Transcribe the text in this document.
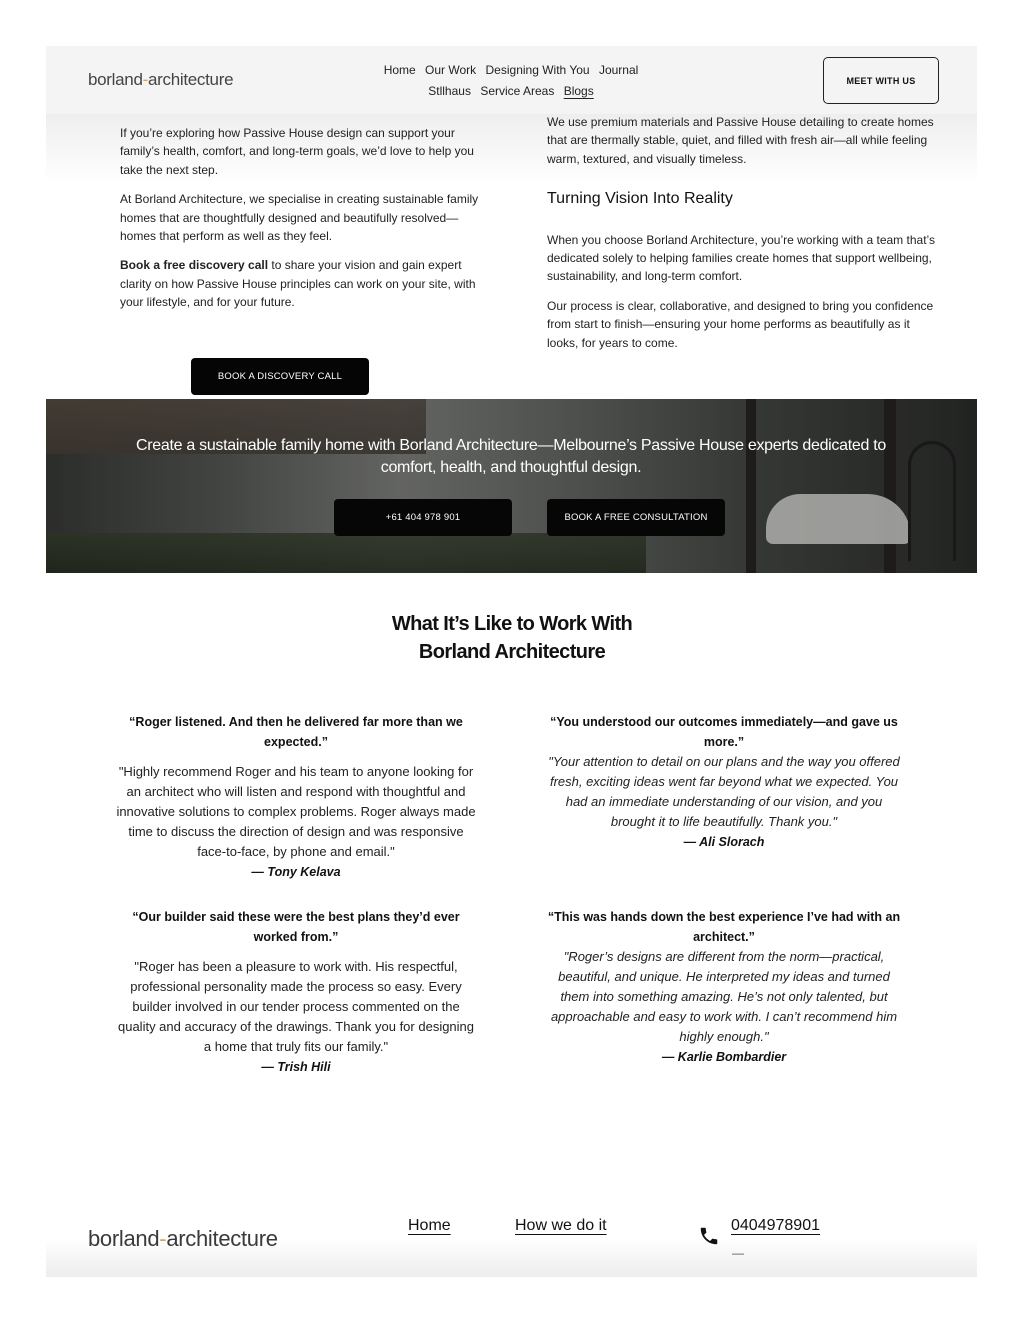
borland-architecture	Home Our Work Designing With You Journal
Stllhaus Service Areas Blogs
MEET WITH US

If you’re exploring how Passive House design can support your family’s health, comfort, and long-term goals, we’d love to help you take the next step.

At Borland Architecture, we specialise in creating sustainable family homes that are thoughtfully designed and beautifully resolved—homes that perform as well as they feel.

Book a free discovery call to share your vision and gain expert clarity on how Passive House principles can work on your site, with your lifestyle, and for your future.

BOOK A DISCOVERY CALL

We use premium materials and Passive House detailing to create homes that are thermally stable, quiet, and filled with fresh air—all while feeling warm, textured, and visually timeless.

Turning Vision Into Reality

When you choose Borland Architecture, you’re working with a team that’s dedicated solely to helping families create homes that support wellbeing, sustainability, and long-term comfort.

Our process is clear, collaborative, and designed to bring you confidence from start to finish—ensuring your home performs as beautifully as it looks, for years to come.

Create a sustainable family home with Borland Architecture—Melbourne’s Passive House experts dedicated to comfort, health, and thoughtful design.
+61 404 978 901	BOOK A FREE CONSULTATION
What It’s Like to Work With Borland Architecture
“Roger listened. And then he delivered far more than we expected.”
"Highly recommend Roger and his team to anyone looking for an architect who will listen and respond with thoughtful and innovative solutions to complex problems. Roger always made time to discuss the direction of design and was responsive face-to-face, by phone and email."
— Tony Kelava
“You understood our outcomes immediately—and gave us more.”
"Your attention to detail on our plans and the way you offered fresh, exciting ideas went far beyond what we expected. You had an immediate understanding of our vision, and you brought it to life beautifully. Thank you."
— Ali Slorach
“Our builder said these were the best plans they’d ever worked from.”
"Roger has been a pleasure to work with. His respectful, professional personality made the process so easy. Every builder involved in our tender process commented on the quality and accuracy of the drawings. Thank you for designing a home that truly fits our family."
— Trish Hili
“This was hands down the best experience I’ve had with an architect.”
"Roger’s designs are different from the norm—practical, beautiful, and unique. He interpreted my ideas and turned them into something amazing. He’s not only talented, but approachable and easy to work with. I can’t recommend him highly enough."
— Karlie Bombardier
borland-architecture
Home	How we do it	0404978901
—
